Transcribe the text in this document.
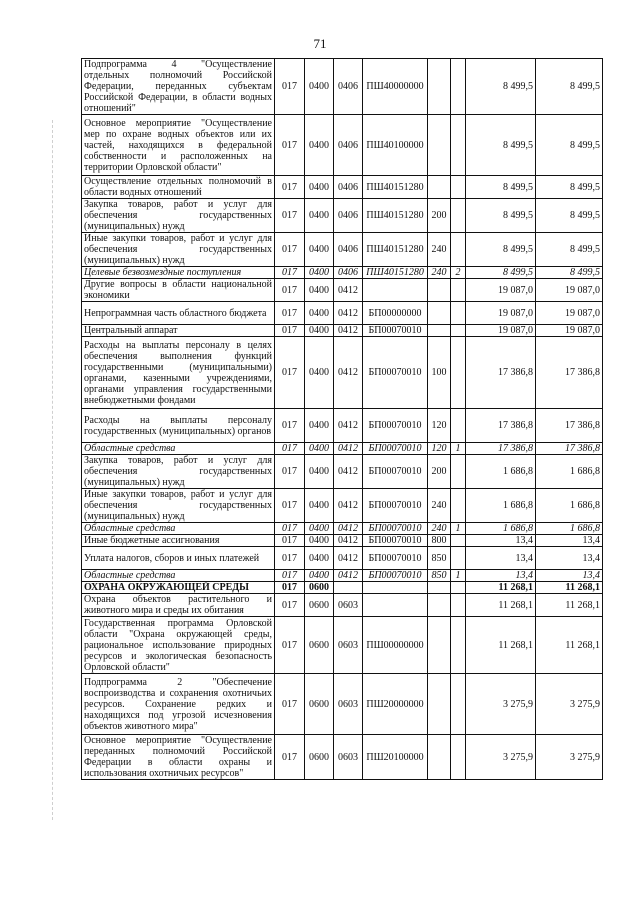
71
Подпрограмма 4 "Осуществление отдельных полномочий Российской Федерации, переданных субъектам Российской Федерации, в области водных отношений"	017	0400	0406	ПШ40000000			8 499,5	8 499,5
Основное мероприятие "Осуществление мер по охране водных объектов или их частей, находящихся в федеральной собственности и расположенных на территории Орловской области"	017	0400	0406	ПШ40100000			8 499,5	8 499,5
Осуществление отдельных полномочий в области водных отношений	017	0400	0406	ПШ40151280			8 499,5	8 499,5
Закупка товаров, работ и услуг для обеспечения государственных (муниципальных) нужд	017	0400	0406	ПШ40151280	200		8 499,5	8 499,5
Иные закупки товаров, работ и услуг для обеспечения государственных (муниципальных) нужд	017	0400	0406	ПШ40151280	240		8 499,5	8 499,5
Целевые безвозмездные поступления	017	0400	0406	ПШ40151280	240	2	8 499,5	8 499,5
Другие вопросы в области национальной экономики	017	0400	0412				19 087,0	19 087,0
Непрограммная часть областного бюджета	017	0400	0412	БП00000000			19 087,0	19 087,0
Центральный аппарат	017	0400	0412	БП00070010			19 087,0	19 087,0
Расходы на выплаты персоналу в целях обеспечения выполнения функций государственными (муниципальными) органами, казенными учреждениями, органами управления государственными внебюджетными фондами	017	0400	0412	БП00070010	100		17 386,8	17 386,8
Расходы на выплаты персоналу государственных (муниципальных) органов	017	0400	0412	БП00070010	120		17 386,8	17 386,8
Областные средства	017	0400	0412	БП00070010	120	1	17 386,8	17 386,8
Закупка товаров, работ и услуг для обеспечения государственных (муниципальных) нужд	017	0400	0412	БП00070010	200		1 686,8	1 686,8
Иные закупки товаров, работ и услуг для обеспечения государственных (муниципальных) нужд	017	0400	0412	БП00070010	240		1 686,8	1 686,8
Областные средства	017	0400	0412	БП00070010	240	1	1 686,8	1 686,8
Иные бюджетные ассигнования	017	0400	0412	БП00070010	800		13,4	13,4
Уплата налогов, сборов и иных платежей	017	0400	0412	БП00070010	850		13,4	13,4
Областные средства	017	0400	0412	БП00070010	850	1	13,4	13,4
ОХРАНА ОКРУЖАЮЩЕЙ СРЕДЫ	017	0600					11 268,1	11 268,1
Охрана объектов растительного и животного мира и среды их обитания	017	0600	0603				11 268,1	11 268,1
Государственная программа Орловской области "Охрана окружающей среды, рациональное использование природных ресурсов и экологическая безопасность Орловской области"	017	0600	0603	ПШ00000000			11 268,1	11 268,1
Подпрограмма 2 "Обеспечение воспроизводства и сохранения охотничьих ресурсов. Сохранение редких и находящихся под угрозой исчезновения объектов животного мира"	017	0600	0603	ПШ20000000			3 275,9	3 275,9
Основное мероприятие "Осуществление переданных полномочий Российской Федерации в области охраны и использования охотничьих ресурсов"	017	0600	0603	ПШ20100000			3 275,9	3 275,9
